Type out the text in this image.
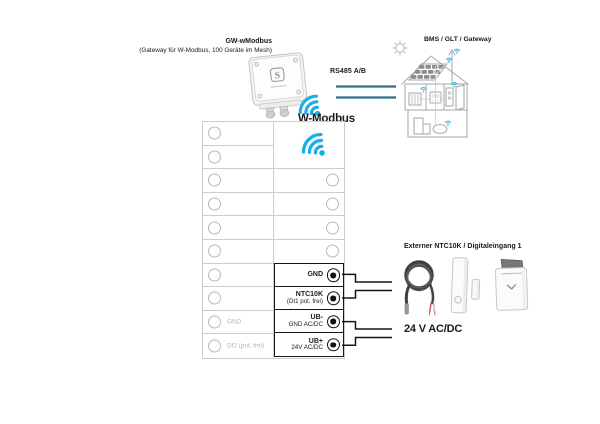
GW-wModbus
(Gateway für W-Modbus, 100 Geräte im Mesh)
S	RS485 A/B
W-Modbus
BMS / GLT / Gateway
GND
DI2 (pot. frei)
GND
NTC10K
(DI1 pot. frei)
UB-
GND AC/DC
UB+
24V AC/DC
Externer NTC10K / Digitaleingang 1
24 V AC/DC
